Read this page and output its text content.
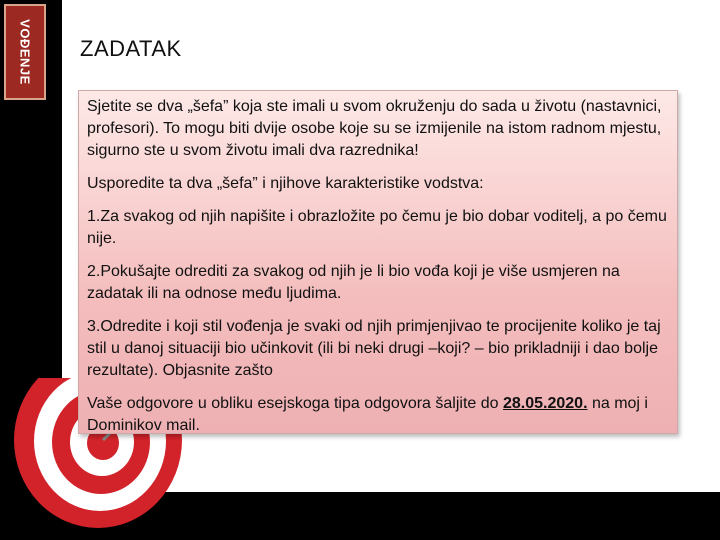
VOĐENJE ZADATAK

Sjetite se dva „šefa” koja ste imali u svom okruženju do sada u životu (nastavnici, profesori). To mogu biti dvije osobe koje su se izmijenile na istom radnom mjestu, sigurno ste u svom životu imali dva razrednika!

Usporedite ta dva „šefa” i njihove karakteristike vodstva:

1.Za svakog od njih napišite i obrazložite po čemu je bio dobar voditelj, a po čemu nije.

2.Pokušajte odrediti za svakog od njih je li bio vođa koji je više usmjeren na zadatak ili na odnose među ljudima.

3.Odredite i koji stil vođenja je svaki od njih primjenjivao te procijenite koliko je taj stil u danoj situaciji bio učinkovit (ili bi neki drugi –koji? – bio prikladniji i dao bolje rezultate). Objasnite zašto

Vaše odgovore u obliku esejskoga tipa odgovora šaljite do 28.05.2020. na moj i Dominikov mail.
